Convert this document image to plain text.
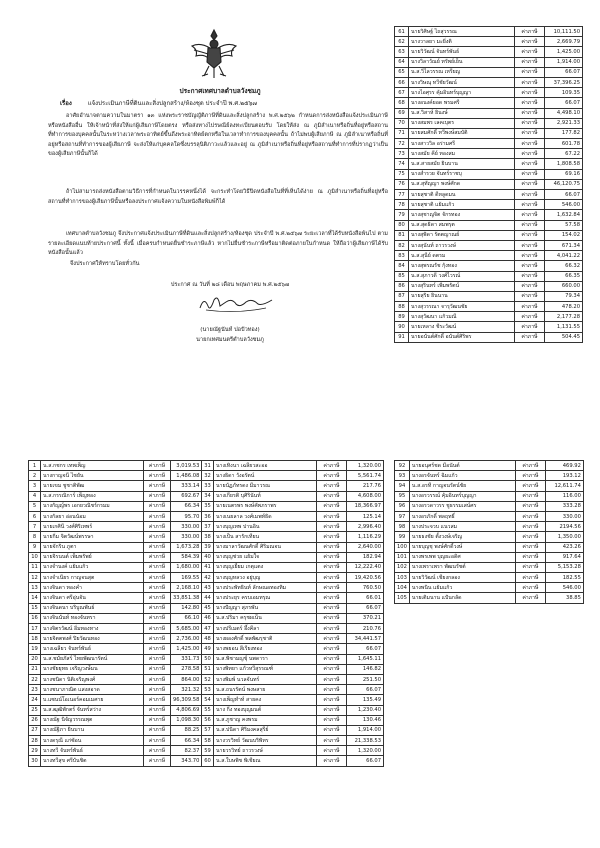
ประกาศเทศบาลตำบลวังชมภู
เรื่อง	แจ้งประเมินภาษีที่ดินและสิ่งปลูกสร้าง/ห้องชุด ประจำปี พ.ศ.๒๕๖๗
อาศัยอำนาจตามความในมาตรา ๑๓ แห่งพระราชบัญญัติภาษีที่ดินและสิ่งปลูกสร้าง พ.ศ.๒๕๖๒ กำหนดการส่งหนังสือแจ้งประเมินภาษีหรือหนังสืออื่น ให้เจ้าหน้าที่ส่งให้แก่ผู้เสียภาษีโดยตรง หรือส่งทางไปรษณีย์ลงทะเบียนตอบรับ โดยให้ส่ง ณ ภูมิลำเนาหรือถิ่นที่อยู่หรือสถานที่ทำการของบุคคลนั้นในระหว่างเวลาพระอาทิตย์ขึ้นถึงพระอาทิตย์ตกหรือในเวลาทำการของบุคคลนั้น ถ้าไม่พบผู้เสียภาษี ณ ภูมิลำเนาหรือถิ่นที่อยู่หรือสถานที่ทำการของผู้เสียภาษี จะส่งให้แก่บุคคลใดซึ่งบรรลุนิติภาวะแล้วและอยู่ ณ ภูมิลำเนาหรือถิ่นที่อยู่หรือสถานที่ทำการที่ปรากฏว่าเป็นของผู้เสียภาษีนั้นก็ได้
ถ้าไม่สามารถส่งหนังสือตามวิธีการที่กำหนดในวรรคหนึ่งได้ จะกระทำโดยวิธีปิดหนังสือในที่ที่เห็นได้ง่าย ณ ภูมิลำเนาหรือถิ่นที่อยู่หรือสถานที่ทำการของผู้เสียภาษีนั้นหรือลงประกาศแจ้งความในหนังสือพิมพ์ก็ได้
เทศบาลตำบลวังชมภู จึงประกาศแจ้งประเมินภาษีที่ดินและสิ่งปลูกสร้าง/ห้องชุด ประจำปี พ.ศ.๒๕๖๗ ระยะเวลาที่ได้รับหนังสือพ้นไป ตามรายละเอียดแนบท้ายประกาศนี้ ทั้งนี้ เมื่อครบกำหนดยื่นชำระภาษีแล้ว หากไม่ยื่นชำระภาษีหรือมาติดต่อภายในกำหนด ให้ถือว่าผู้เสียภาษีได้รับหนังสือนั้นแล้ว
จึงประกาศให้ทราบโดยทั่วกัน
ประกาศ ณ วันที่ ๒๘ เดือน พฤษภาคม พ.ศ.๒๕๖๗
(นายณัฐนันท์ ปอปัวทอง)
นายกเทศมนตรีตำบลวังชมภู
61	นายวิศิษฐ์ ไถสุวรรณ	ค่าภาษี	10,111.50
62	นางวาลยา มะยิ่งติ	ค่าภาษี	2,669.79
63	นายวิวัฒน์ จันทร์พันธ์	ค่าภาษี	1,425.00
64	นางวิลาวัณย์ ทรัพย์เย็น	ค่าภาษี	1,914.00
65	น.ส.วิไลวรรณ เหรียญ	ค่าภาษี	66.07
66	นางวิษณุ ทวีชัยวัฒน์	ค่าภาษี	37,396.25
67	นางไอศุรร คุ้มอินทร์บุญญา	ค่าภาษี	109.35
68	นางอนงค์ยอด พรมศรี	ค่าภาษี	66.07
69	น.ส.วิสาห์ ยินงษ์	ค่าภาษี	4,498.10
70	นางสมพร เลคเบุตร	ค่าภาษี	2,921.33
71	นายสมศักดิ์ ทวีพงษ์สมบัติ	ค่าภาษี	177.82
72	นางสาววิล อร่ามศรี	ค่าภาษี	601.78
73	นางสมัย คีย์ ทองสม	ค่าภาษี	67.22
74	น.ส.สายสมัย ยินบาน	ค่าภาษี	1,808.58
75	นางสำรวย จันทร์ราชบุ	ค่าภาษี	69.16
76	น.ส.สุทัญญา พงษ์ศักด	ค่าภาษี	46,120.75
77	นายสุชาติ ดีหลูดมน	ค่าภาษี	66.07
78	นายสุชาติ แย้มแก้ว	ค่าภาษี	546.00
79	นางสุชาญจิต จักรทอง	ค่าภาษี	1,632.84
80	น.ส.สุดธิดา สมพรุต	ค่าภาษี	57.58
81	นางสุพิดา รัตตญาณย์	ค่าภาษี	154.02
82	นางสุนันท์ ถาวรวงษ์	ค่าภาษี	671.34
83	น.ส.สุนีย์ ดตรม	ค่าภาษี	4,041.22
84	นางสุพรณรัช กุ้งทอง	ค่าภาษี	66.32
85	น.ส.สุภาวดี วงศ์ไวรณ์	ค่าภาษี	66.35
86	นางสุรินทร์ เพิ่มพรัตน์	ค่าภาษี	660.00
87	นายสุริย ยินนาน	ค่าภาษี	79.34
88	นางสุวรรณา จารุวัฒนชัย	ค่าภาษี	478.20
89	นางสุวัฒนา แก้วมณี	ค่าภาษี	2,177.28
90	นายเหลาง ชีระวัฒน์	ค่าภาษี	1,131.55
91	นายอนันต์ศักดิ์ อนันต์ศิริพร	ค่าภาษี	504.45
1	น.ส.กชกร เทพเพ็ญ	ค่าภาษี	3,019.53
2	นางกาญจนี ไชยัน	ค่าภาษี	1,486.08
3	นายเขม ชูชาติพัฒ	ค่าภาษี	333.14
4	น.ส.กรรณิการ์ เพ็ญทอง	ค่าภาษี	692.67
5	นางกัญญ์พร เอกยวณิชร์กรมม	ค่าภาษี	66.34
6	นางกัลยา อ่อนน้อม	ค่าภาษี	95.70
7	นายเกศินี วงศ์ศิริเทพร์	ค่าภาษี	330.00
8	นายกิ่ม จิตวัฒน์พรรษา	ค่าภาษี	330.00
9	นายจักริน ภูตา	ค่าภาษี	1,673.28
10	นายจิรนนต์ เพ็มพรัพย์	ค่าภาษี	584.39
11	นางจำนงค์ แย้มแก้ว	ค่าภาษี	1,680.00
12	นางจำเนียร กาญจนสุต	ค่าภาษี	169.55
13	นางจินดา ทองคำ	ค่าภาษี	2,168.10
14	นางจินดา ศรีอุ่นจัน	ค่าภาษี	33,851.38
15	นางจินดนา บริบูณพันธ์	ค่าภาษี	142.80
16	นางจินนันท์ ทองจันทรา	ค่าภาษี	66.10
17	นางจิตรวัฒน์ อิ่มทองทาง	ค่าภาษี	5,685.00
18	นายจิตตพงศ์ ปิยวัฒนทอง	ค่าภาษี	2,736.00
19	นางเฉลียว จันทร์พันธ์	ค่าภาษี	1,425.00
20	น.ส.ชมัยภัสร์ ไทยพัฒนารัตน์	ค่าภาษี	331.73
21	นางชัยยุทธ เจริญวงษ์ัมน	ค่าภาษี	278.58
22	นางชนิดา นิติเจริญพงศ์	ค่าภาษี	864.00
23	นางชนาภาณิต แสงสอาด	ค่าภาษี	321.32
24	บ.แซนน์โอเนอร์คอมเมศาย	ค่าภาษี	96,309.58
25	น.ส.ฒุฒิพักตร์ จันทร์สว่าง	ค่าภาษี	4,806.69
26	นางณัฐ นิจัญวรรณพุต	ค่าภาษี	1,098.30
27	นางณัฐิภา ยินบาน	ค่าภาษี	88.25
28	นางดรุณี แก่ซ้อน	ค่าภาษี	66.34
29	นางทวี จันทร์พันธ์	ค่าภาษี	82.37
30	นางทวีสุข ศรีบันชิต	ค่าภาษี	343.70
31	นางเทิงนา เฉลียวสะออ	ค่าภาษี	1,320.00
32	นางธิดา วังอรัตน์	ค่าภาษี	5,561.74
33	นายนัฏภัทรดง มีมาวรณ	ค่าภาษี	217.76
34	นางเกียรติ บุศิรินันท์	ค่าภาษี	4,608.00
35	นายเนตรพร พงษ์คัพภราพร	ค่าภาษี	18,366.97
36	นางเนยลาล วงศ์เมพท์ธิด	ค่าภาษี	125.14
37	นางบุญเทพ ปานอิน	ค่าภาษี	2,996.40
38	นางเป็น สารักเทียน	ค่าภาษี	1,116.29
39	นางมาลาวัฒนศักดิ์ ศิริมณจน	ค่าภาษี	2,640.00
40	นางบุญช่วย แย้มใจ	ค่าภาษี	182.94
41	นางบุญเยี่ยม เกตุแตง	ค่าภาษี	12,222.40
42	นางบุญหลวง อยู่บุญ	ค่าภาษี	19,420.56
43	นางประพัทธินท์ ลักษณอทองทิม	ค่าภาษี	760.50
44	นางประยุร ครบเอมทรุณ	ค่าภาษี	66.01
45	นางปัญญา สุภรพัน	ค่าภาษี	66.07
46	น.ส.ปริมา ครุชผเน็น	ค่าภาษี	370.21
47	นางปรีเมตร์ อึ้งคีลา	ค่าภาษี	210.76
48	นางผองศักดิ์ พลพัฒรุชาติ	ค่าภาษี	34,441.57
49	นางพยอน สีเรียงทอง	ค่าภาษี	66.07
50	น.ส.พิชามญชุ์ นพดารา	ค่าภาษี	1,645.11
51	นางพิทยา แก้วหวีสุรรณฑ์	ค่าภาษี	146.82
52	นางพิมพ์ นวลจันทร์	ค่าภาษี	251.50
53	น.ส.ถนรรัตน์ พงษสาย	ค่าภาษี	66.07
54	นางเพ็ญทำท์ สายคง	ค่าภาษี	135.49
55	นาง กิ่ง ทองบุญมนต์	ค่าภาษี	1,230.40
56	น.ส.ภูชาญ คงพรม	ค่าภาษี	130.46
57	น.ส.ปนิดา ศิริมงคลสุรีย์	ค่าภาษี	1,914.00
58	นางวรวิทย์ วัฒนบริพิทร	ค่าภาษี	21,338.53
59	นายวรวิทย์ ถาวรวงษ์	ค่าภาษี	1,320.00
60	น.ส.ใบษพิช พิเชียณ	ค่าภาษี	66.07
92	นายอนุศร์ชด มีอนันต์	ค่าภาษี	469.92
93	นางอรจันทร์ ฉิมแก้ว	ค่าภาษี	193.12
94	น.ส.อรที กาญจนรัตน์ชัย	ค่าภาษี	12,611.74
95	นางอรวรรณ์ คุ้มอินทร์บุญญา	ค่าภาษี	116.00
96	นางอรวดาวรร ชูธรรมเสน์ศร	ค่าภาษี	333.28
97	นางอรภักดิ์ พลฤทธิ์	ค่าภาษี	330.00
98	นางประจวบ แนวสม	ค่าภาษี	2194.56
99	นายธงชัย ตั้งวงษ์เจริญ	ค่าภาษี	1,350.00
100	นายบุญชุ พงษ์ศักดิ์วงษ์	ค่าภาษี	423.26
101	นางพรเพพ บุญยะอดิศ	ค่าภาษี	917.64
102	นางเพราเพรา พัฒนรัชต์	ค่าภาษี	5,153.28
103	นายวิวัฒน์ เชียงกลอง	ค่าภาษี	182.55
104	นางพนิน แย้มแก้ว	ค่าภาษี	546.00
105	นายเติมนาน แป้นกลัด	ค่าภาษี	38.85
